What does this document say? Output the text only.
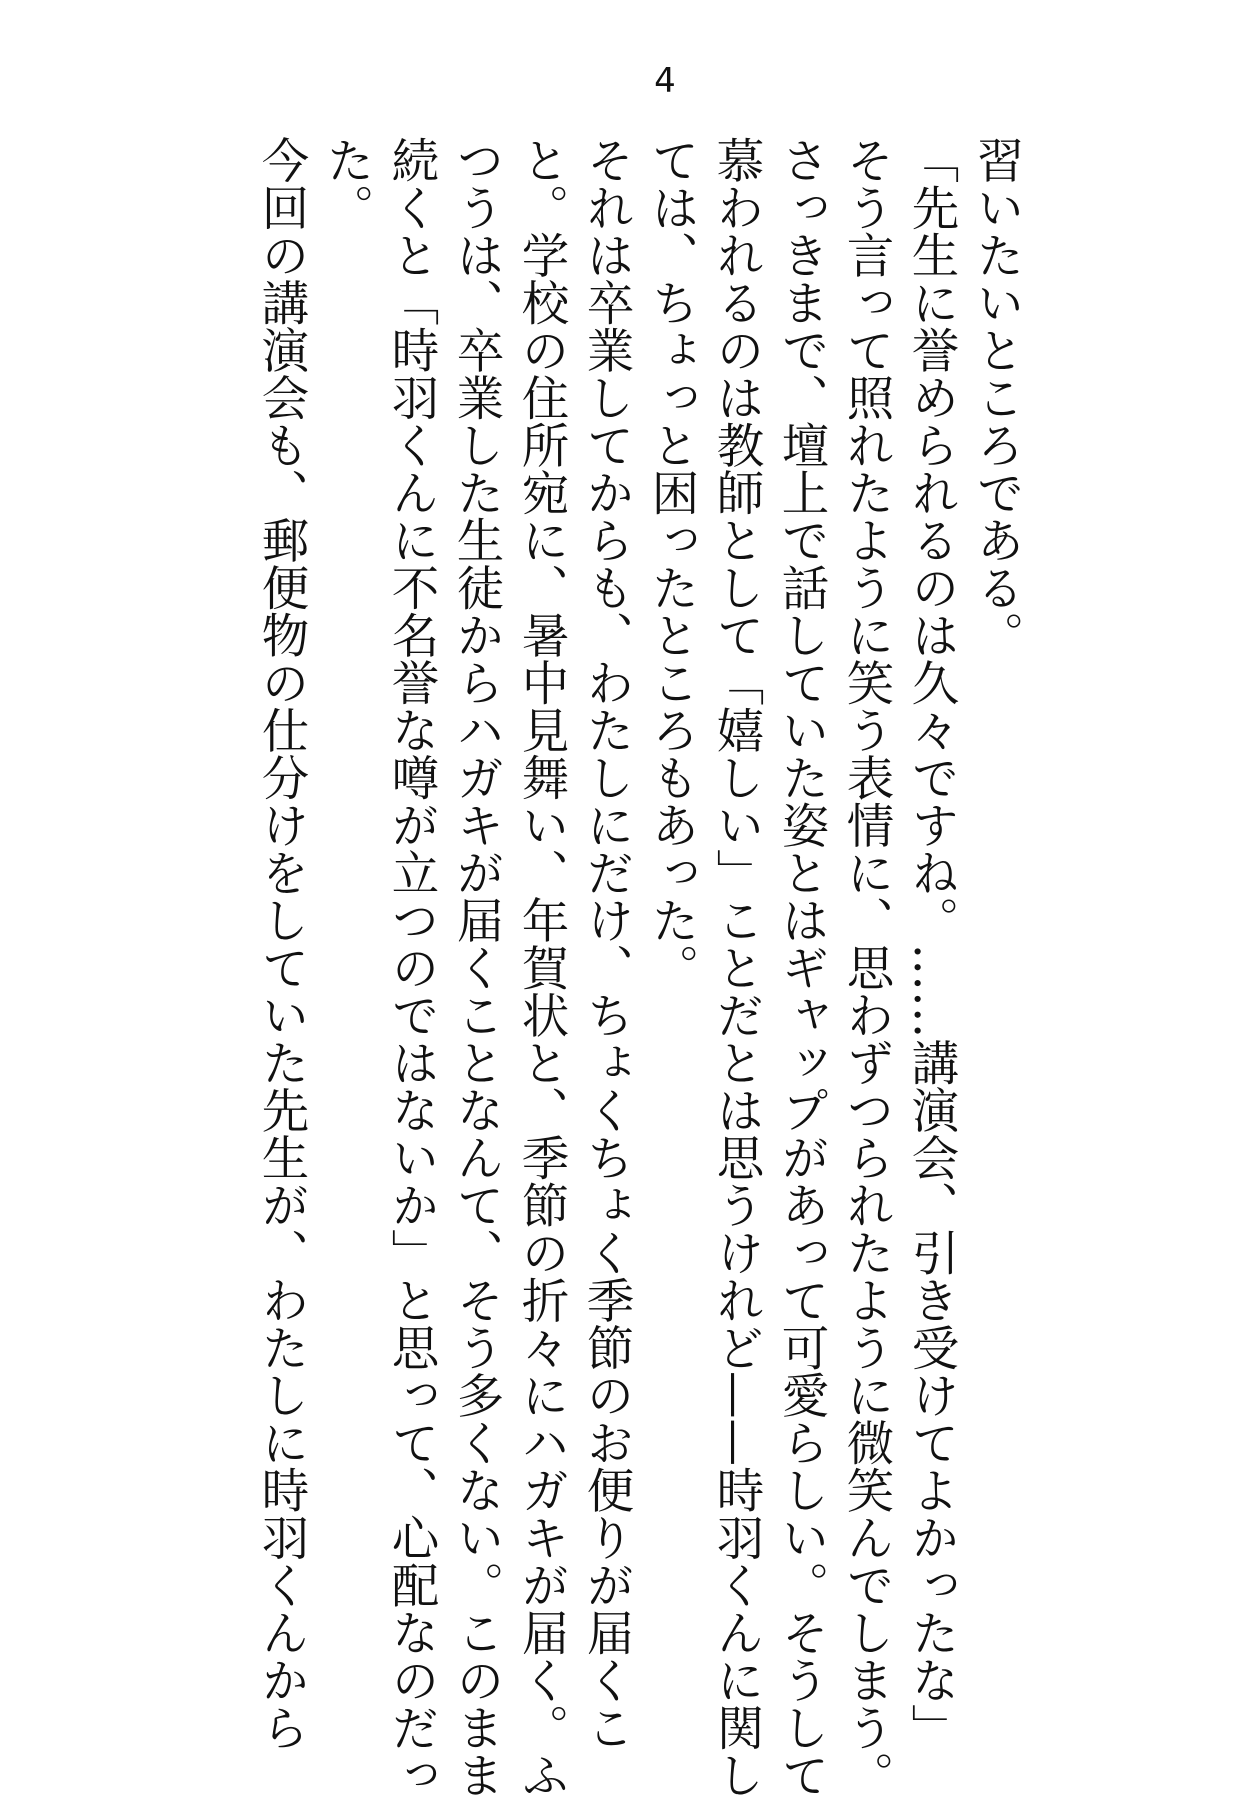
4

習いたいところである。

「先生に誉められるのは久々ですね。……講演会、引き受けてよかったな」

そう言って照れたように笑う表情に、思わずつられたように微笑んでしまう。

さっきまで、壇上で話していた姿とはギャップがあって可愛らしい。そうして

慕われるのは教師として「嬉しい」ことだとは思うけれど——時羽くんに関し

ては、ちょっと困ったところもあった。

それは卒業してからも、わたしにだけ、ちょくちょく季節のお便りが届くこ

と。学校の住所宛に、暑中見舞い、年賀状と、季節の折々にハガキが届く。ふ

つうは、卒業した生徒からハガキが届くことなんて、そう多くない。このまま

続くと「時羽くんに不名誉な噂が立つのではないか」と思って、心配なのだっ

た。

今回の講演会も、郵便物の仕分けをしていた先生が、わたしに時羽くんから
